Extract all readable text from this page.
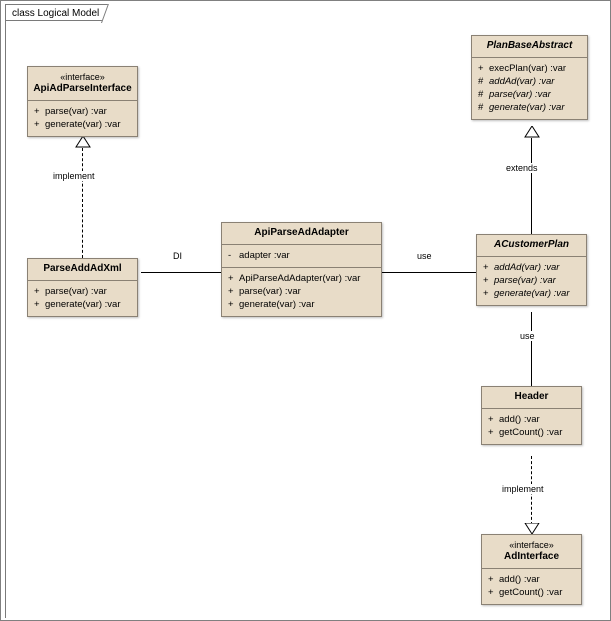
class Logical Model
implement
DI	use
extends
use
implement
«interface»
ApiAdParseInterface
+ parse(var) :var
+ generate(var) :var
ParseAddAdXml
+ parse(var) :var
+ generate(var) :var
ApiParseAdAdapter
- adapter :var
+ ApiParseAdAdapter(var) :var
+ parse(var) :var
+ generate(var) :var
PlanBaseAbstract
+ execPlan(var) :var
# addAd(var) :var
# parse(var) :var
# generate(var) :var
ACustomerPlan
+ addAd(var) :var
+ parse(var) :var
+ generate(var) :var
Header
+ add() :var
+ getCount() :var
«interface»
AdInterface
+ add() :var
+ getCount() :var
